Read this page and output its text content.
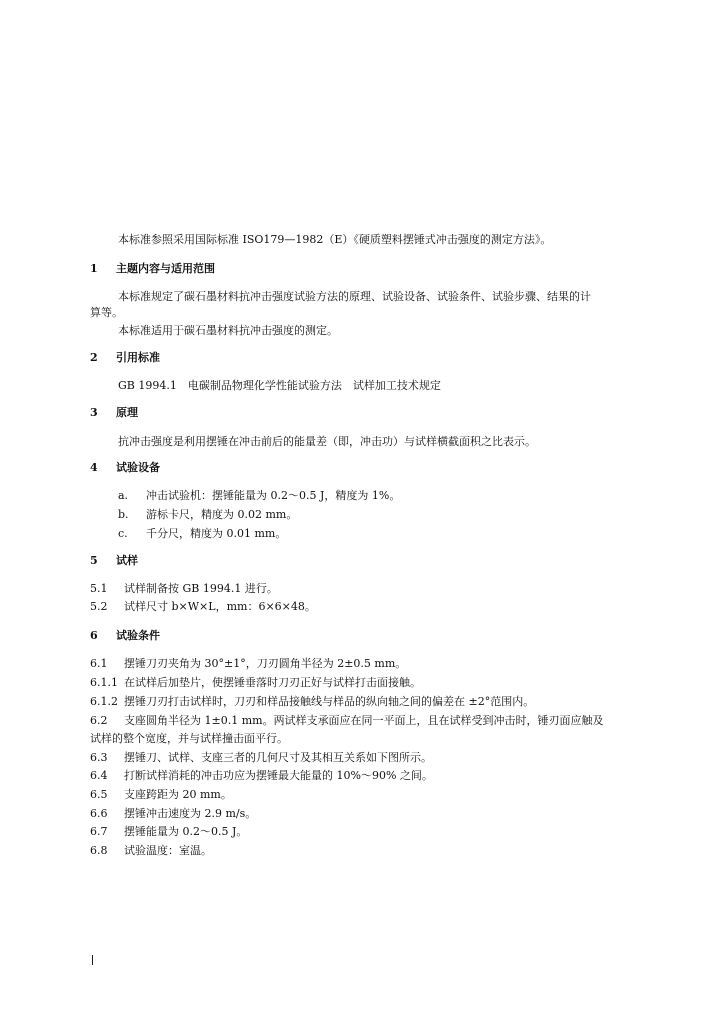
本标准参照采用国际标准 ISO179—1982（E）《硬质塑料摆锤式冲击强度的测定方法》。
1 主题内容与适用范围
本标准规定了碳石墨材料抗冲击强度试验方法的原理、试验设备、试验条件、试验步骤、结果的计
算等。
本标准适用于碳石墨材料抗冲击强度的测定。
2 引用标准
GB 1994.1　电碳制品物理化学性能试验方法　试样加工技术规定
3 原理
抗冲击强度是利用摆锤在冲击前后的能量差（即，冲击功）与试样横截面积之比表示。
4 试验设备
a. 冲击试验机：摆锤能量为 0.2～0.5 J，精度为 1%。
b. 游标卡尺，精度为 0.02 mm。
c. 千分尺，精度为 0.01 mm。
5 试样
5.1 试样制备按 GB 1994.1 进行。
5.2 试样尺寸 b×W×L，mm：6×6×48。
6 试验条件
6.1 摆锤刀刃夹角为 30°±1°，刀刃圆角半径为 2±0.5 mm。
6.1.1 在试样后加垫片，使摆锤垂落时刀刃正好与试样打击面接触。
6.1.2 摆锤刀刃打击试样时，刀刃和样品接触线与样品的纵向轴之间的偏差在 ±2°范围内。
6.2 支座圆角半径为 1±0.1 mm。两试样支承面应在同一平面上，且在试样受到冲击时，锤刃面应触及
试样的整个宽度，并与试样撞击面平行。
6.3 摆锤刀、试样、支座三者的几何尺寸及其相互关系如下图所示。
6.4 打断试样消耗的冲击功应为摆锤最大能量的 10%～90% 之间。
6.5 支座跨距为 20 mm。
6.6 摆锤冲击速度为 2.9 m/s。
6.7 摆锤能量为 0.2～0.5 J。
6.8 试验温度：室温。
